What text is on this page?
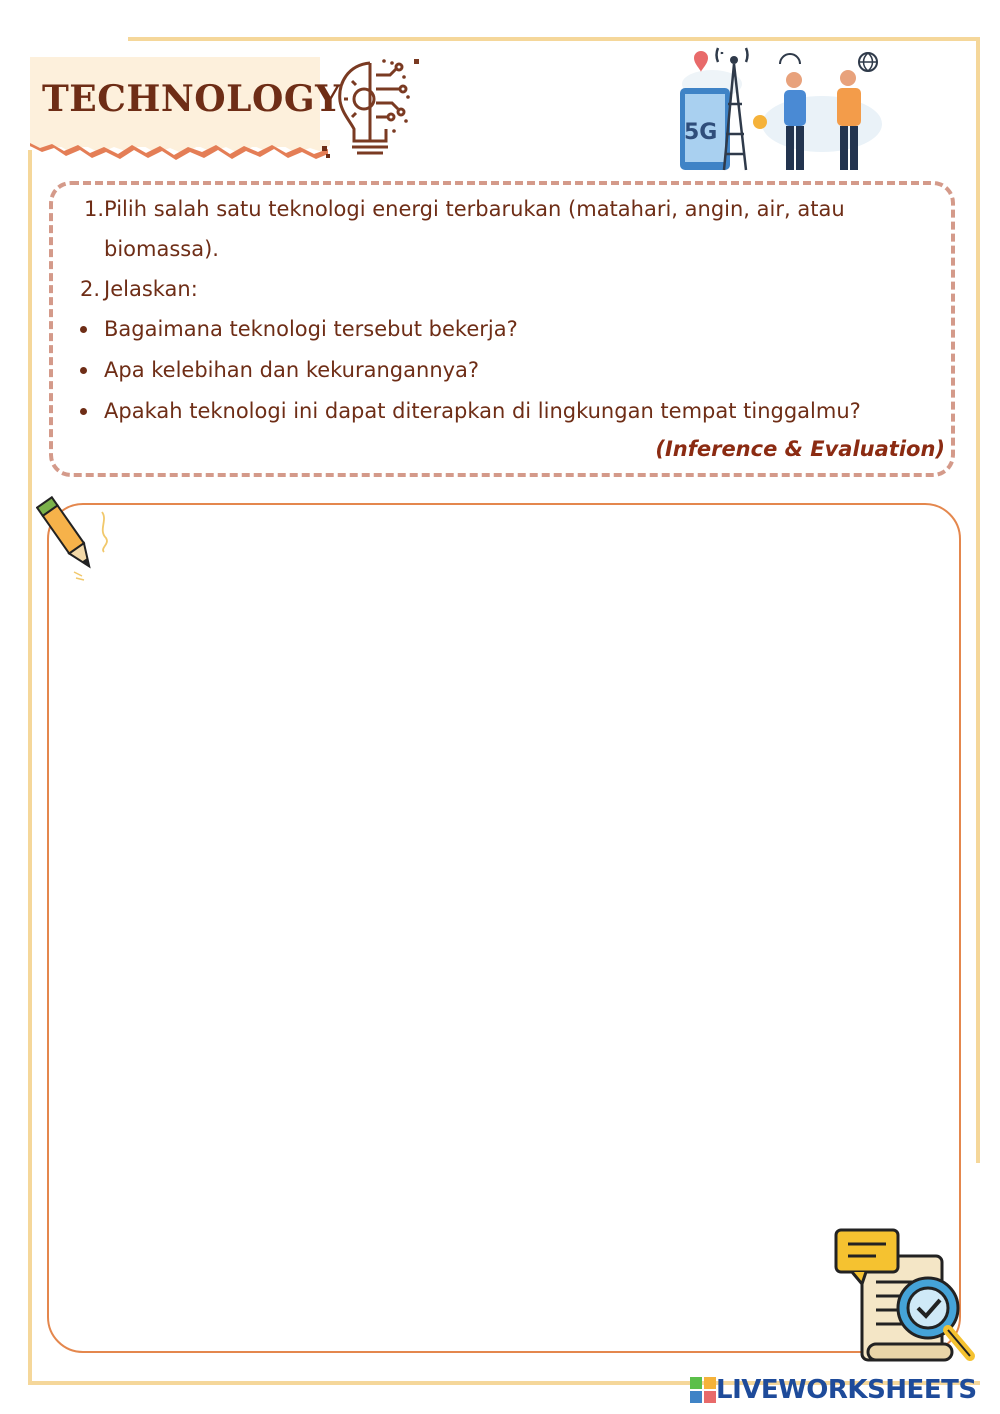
TECHNOLOGY
5G
1. Pilih salah satu teknologi energi terbarukan (matahari, angin, air, atau

biomassa).

2. Jelaskan:

Bagaimana teknologi tersebut bekerja?

Apa kelebihan dan kekurangannya?

Apakah teknologi ini dapat diterapkan di lingkungan tempat tinggalmu?

(Inference & Evaluation)

LIVEWORKSHEETS
